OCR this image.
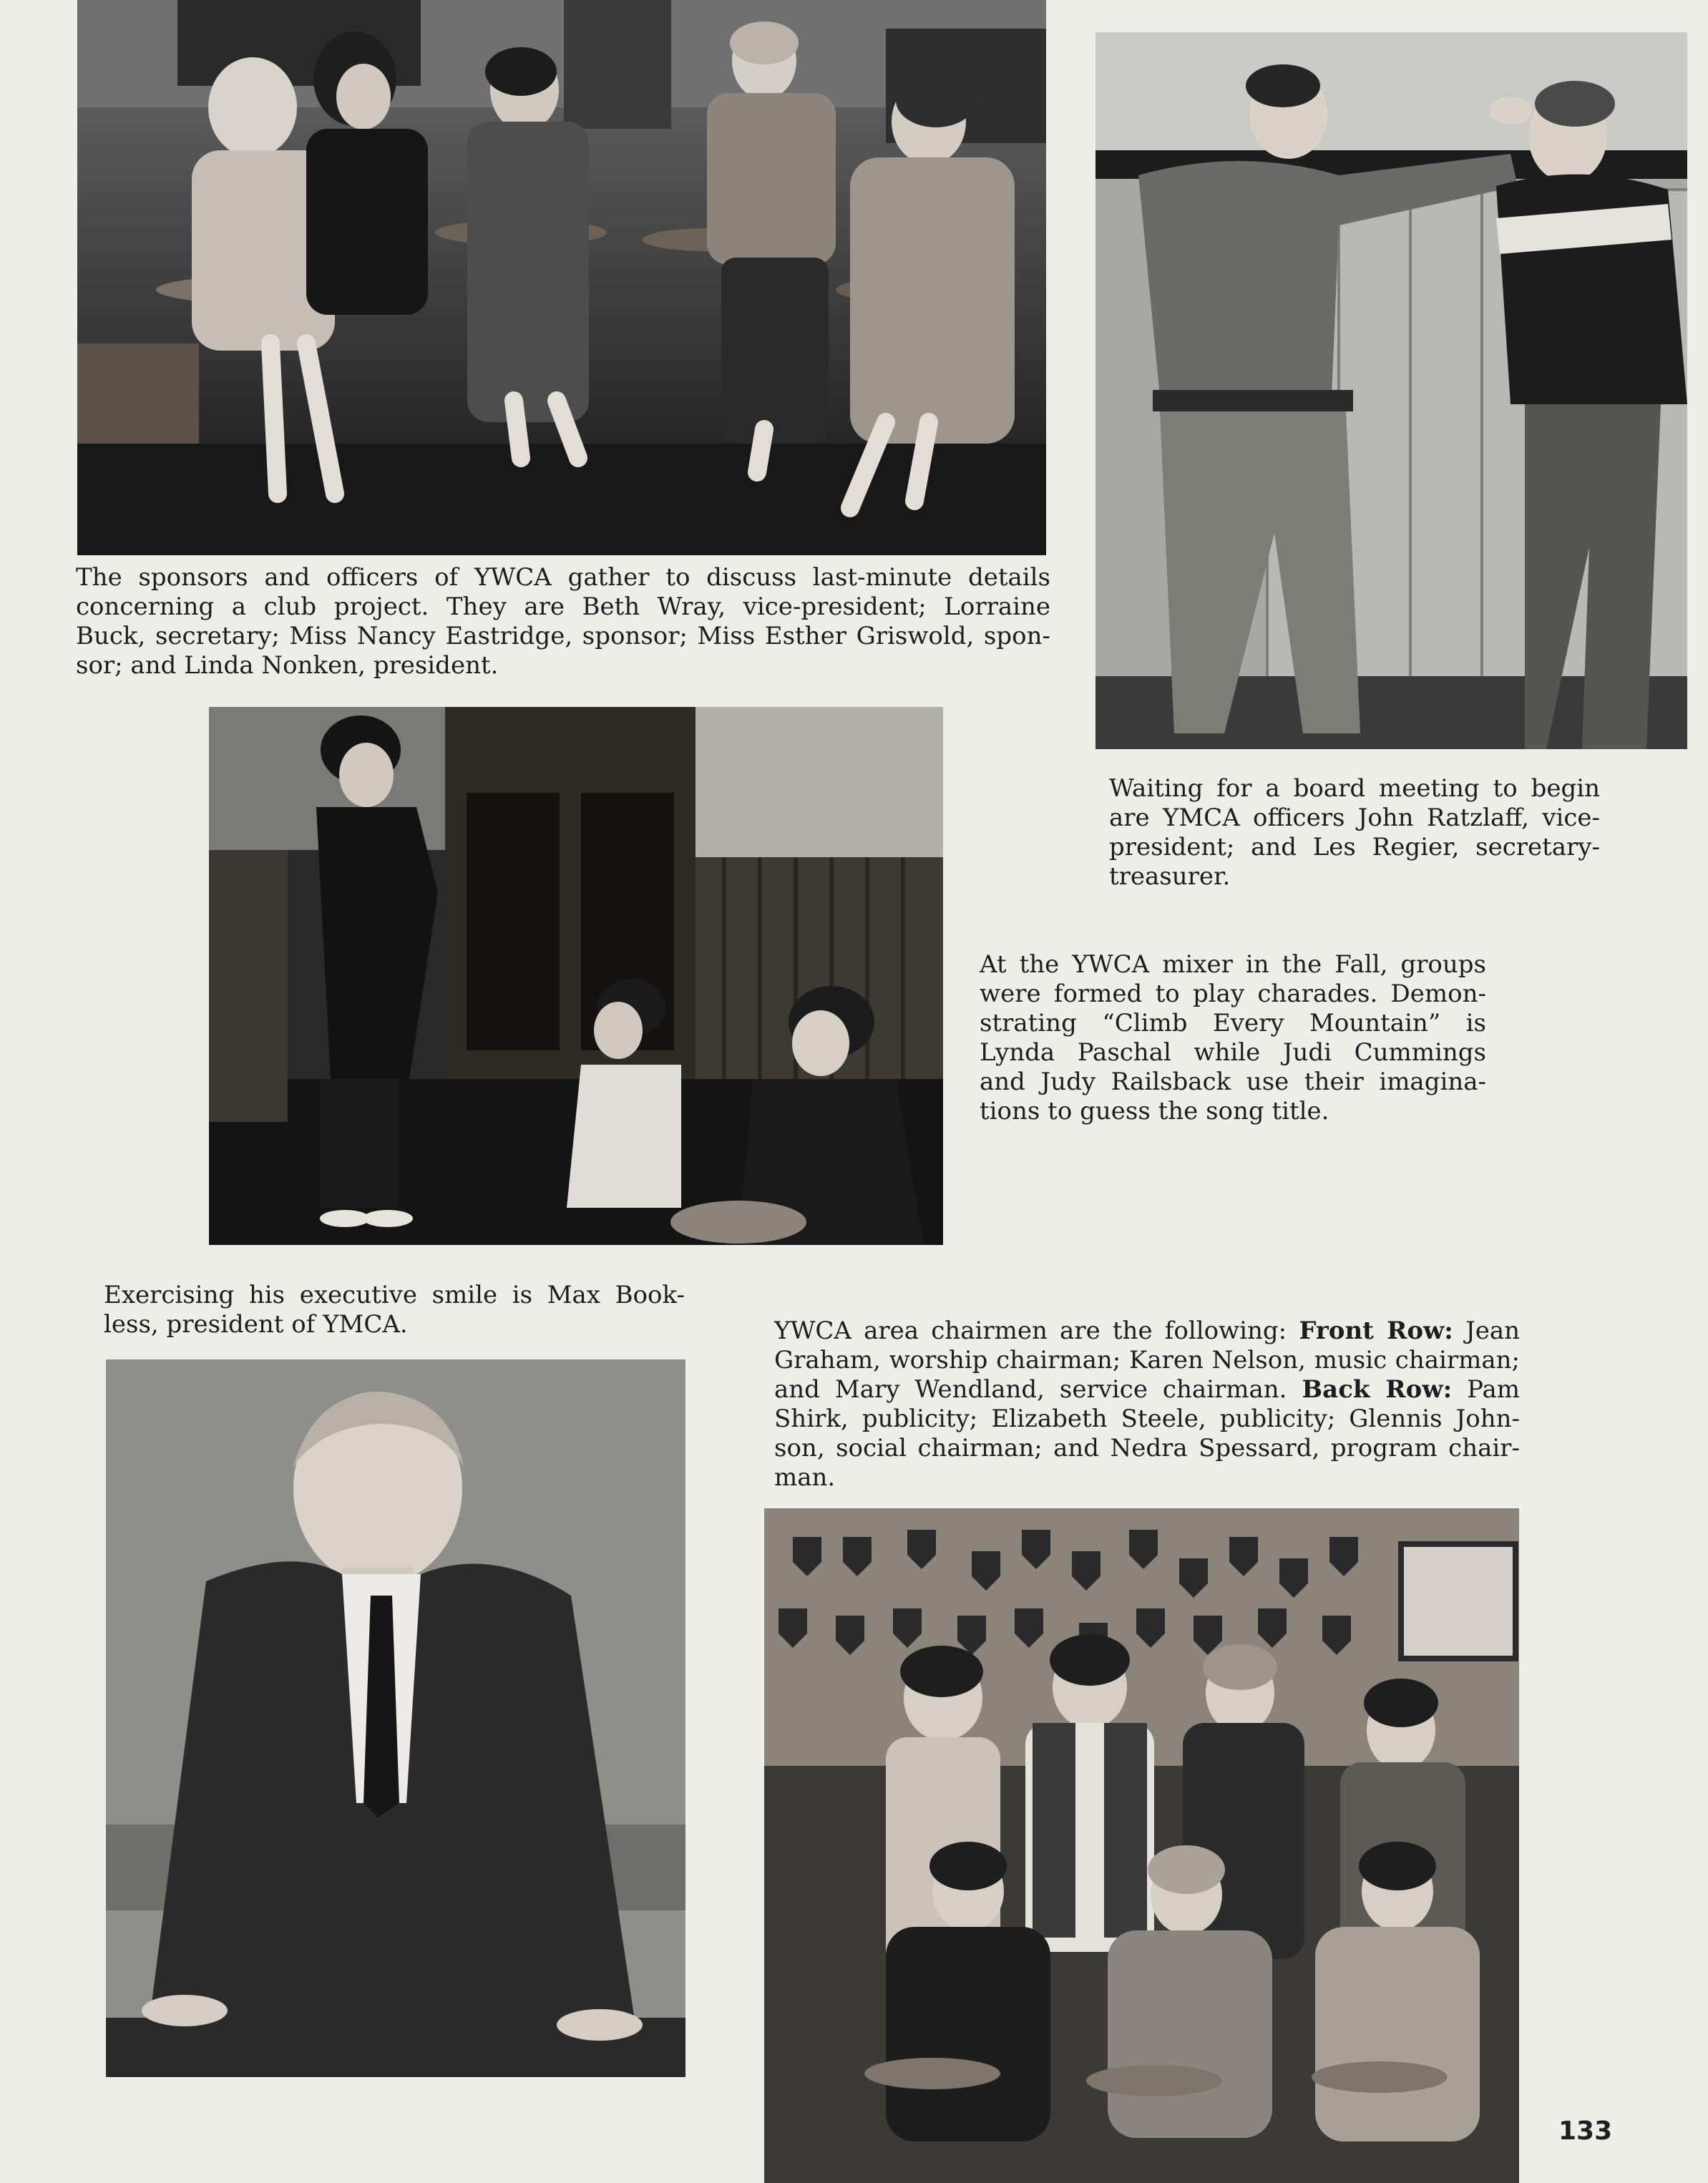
The sponsors and officers of YWCA gather to discuss last-minute details
concerning a club project. They are Beth Wray, vice-president; Lorraine
Buck, secretary; Miss Nancy Eastridge, sponsor; Miss Esther Griswold, spon-
sor; and Linda Nonken, president.

Waiting for a board meeting to begin
are YMCA officers John Ratzlaff, vice-
president; and Les Regier, secretary-
treasurer.

At the YWCA mixer in the Fall, groups
were formed to play charades. Demon-
strating “Climb Every Mountain” is
Lynda Paschal while Judi Cummings
and Judy Railsback use their imagina-
tions to guess the song title.

Exercising his executive smile is Max Book-
less, president of YMCA.	YWCA area chairmen are the following: Front Row: Jean
Graham, worship chairman; Karen Nelson, music chairman;
and Mary Wendland, service chairman. Back Row: Pam
Shirk, publicity; Elizabeth Steele, publicity; Glennis John-
son, social chairman; and Nedra Spessard, program chair-
man.

133
